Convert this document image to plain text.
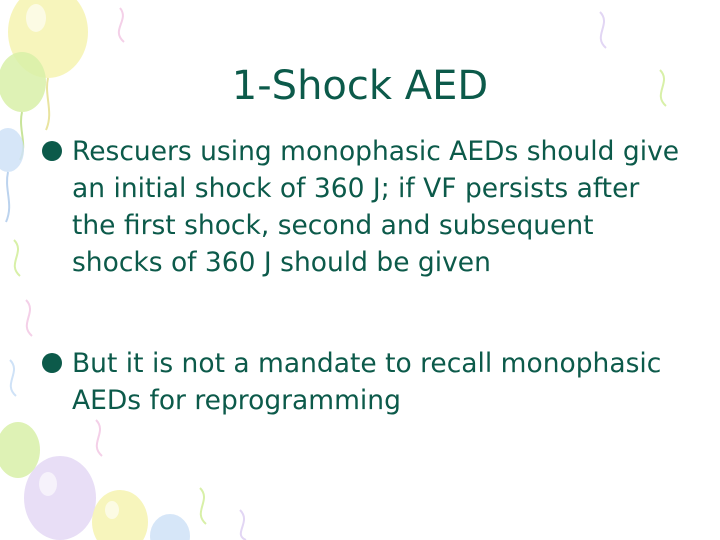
1-Shock AED
Rescuers using monophasic AEDs should give an initial shock of 360 J; if VF persists after the first shock, second and subsequent shocks of 360 J should be given
But it is not a mandate to recall monophasic AEDs for reprogramming
